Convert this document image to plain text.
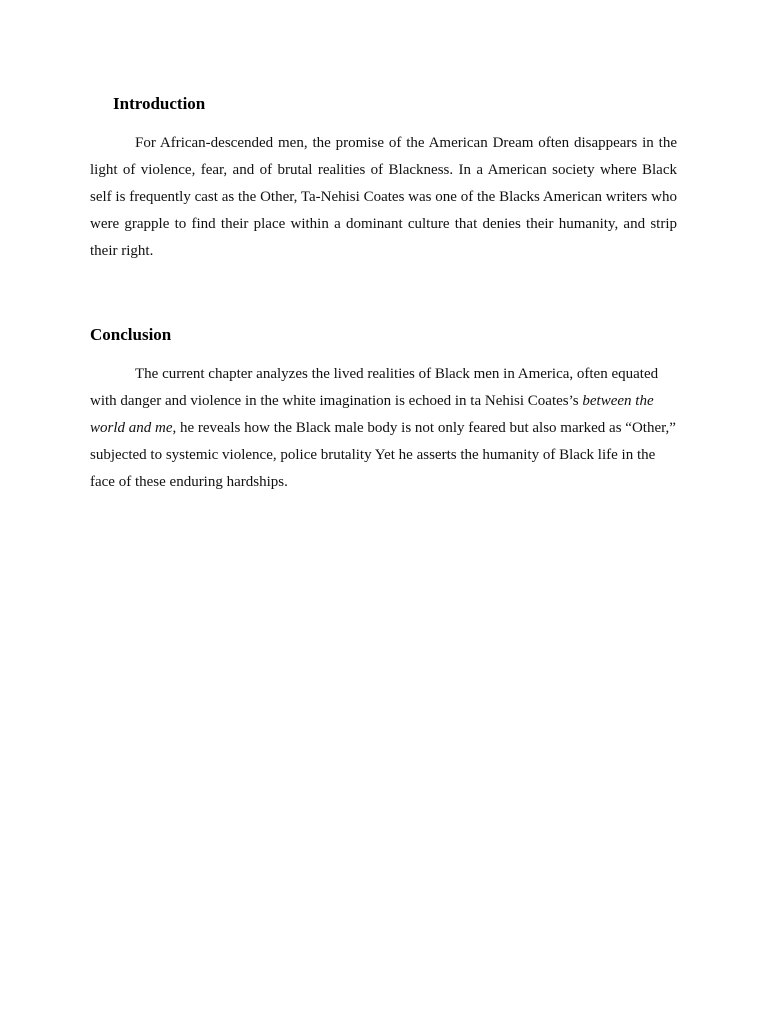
Introduction

For African-descended men, the promise of the American Dream often disappears in the light of violence, fear, and of brutal realities of Blackness. In a American society where Black self is frequently cast as the Other, Ta-Nehisi Coates was one of the Blacks American writers who were grapple to find their place within a dominant culture that denies their humanity, and strip their right.

Conclusion

The current chapter analyzes the lived realities of Black men in America, often equated with danger and violence in the white imagination is echoed in ta Nehisi Coates’s between the world and me, he reveals how the Black male body is not only feared but also marked as “Other,” subjected to systemic violence, police brutality Yet he asserts the humanity of Black life in the face of these enduring hardships.
